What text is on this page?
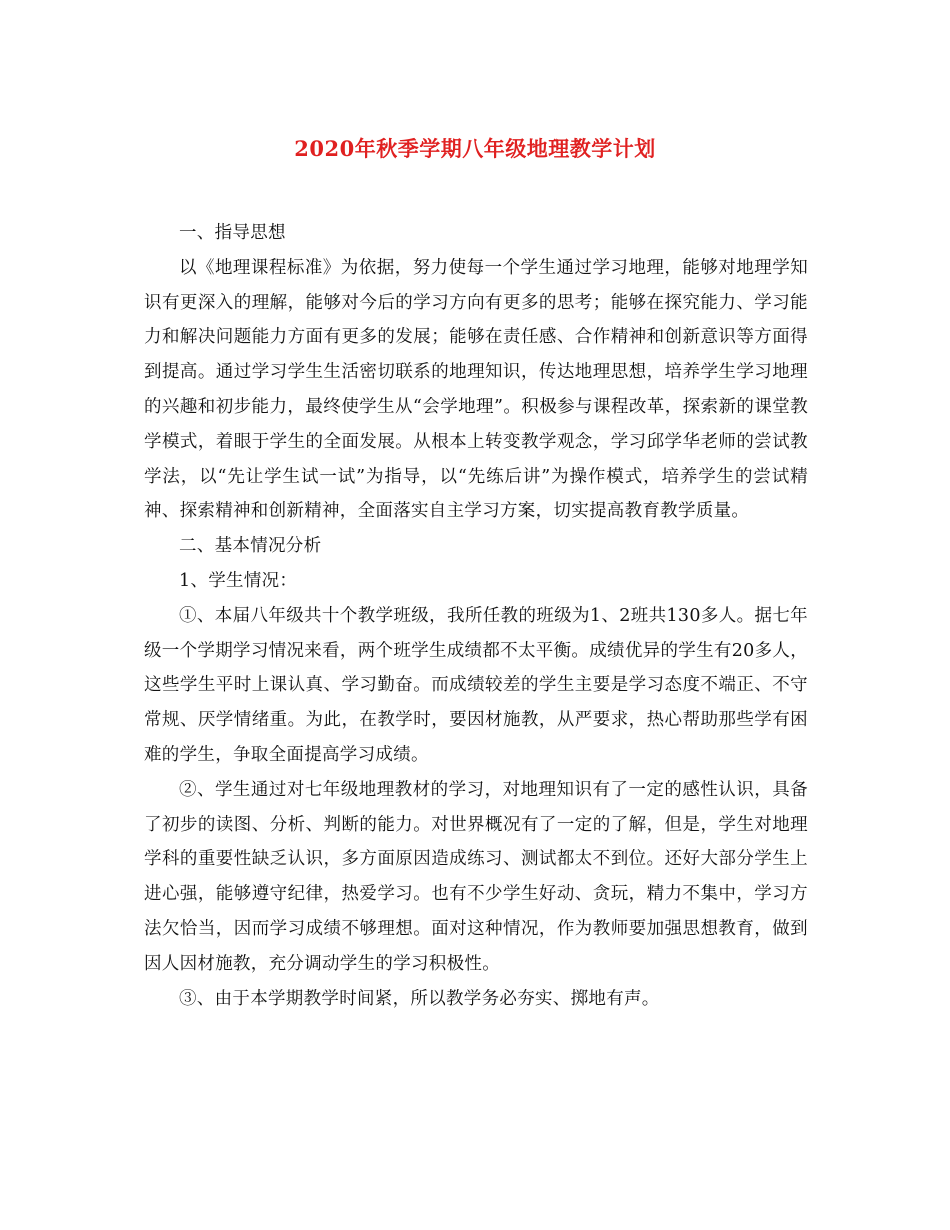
2020年秋季学期八年级地理教学计划

一、指导思想

以《地理课程标准》为依据，努力使每一个学生通过学习地理，能够对地理学知识有更深入的理解，能够对今后的学习方向有更多的思考；能够在探究能力、学习能力和解决问题能力方面有更多的发展；能够在责任感、合作精神和创新意识等方面得到提高。通过学习学生生活密切联系的地理知识，传达地理思想，培养学生学习地理的兴趣和初步能力，最终使学生从“会学地理”。积极参与课程改革，探索新的课堂教学模式，着眼于学生的全面发展。从根本上转变教学观念，学习邱学华老师的尝试教学法，以“先让学生试一试”为指导，以“先练后讲”为操作模式，培养学生的尝试精神、探索精神和创新精神，全面落实自主学习方案，切实提高教育教学质量。

二、基本情况分析

1、学生情况：

①、本届八年级共十个教学班级，我所任教的班级为1、2班共130多人。据七年级一个学期学习情况来看，两个班学生成绩都不太平衡。成绩优异的学生有20多人，这些学生平时上课认真、学习勤奋。而成绩较差的学生主要是学习态度不端正、不守常规、厌学情绪重。为此，在教学时，要因材施教，从严要求，热心帮助那些学有困难的学生，争取全面提高学习成绩。

②、学生通过对七年级地理教材的学习，对地理知识有了一定的感性认识，具备了初步的读图、分析、判断的能力。对世界概况有了一定的了解，但是，学生对地理学科的重要性缺乏认识，多方面原因造成练习、测试都太不到位。还好大部分学生上进心强，能够遵守纪律，热爱学习。也有不少学生好动、贪玩，精力不集中，学习方法欠恰当，因而学习成绩不够理想。面对这种情况，作为教师要加强思想教育，做到因人因材施教，充分调动学生的学习积极性。

③、由于本学期教学时间紧，所以教学务必夯实、掷地有声。
